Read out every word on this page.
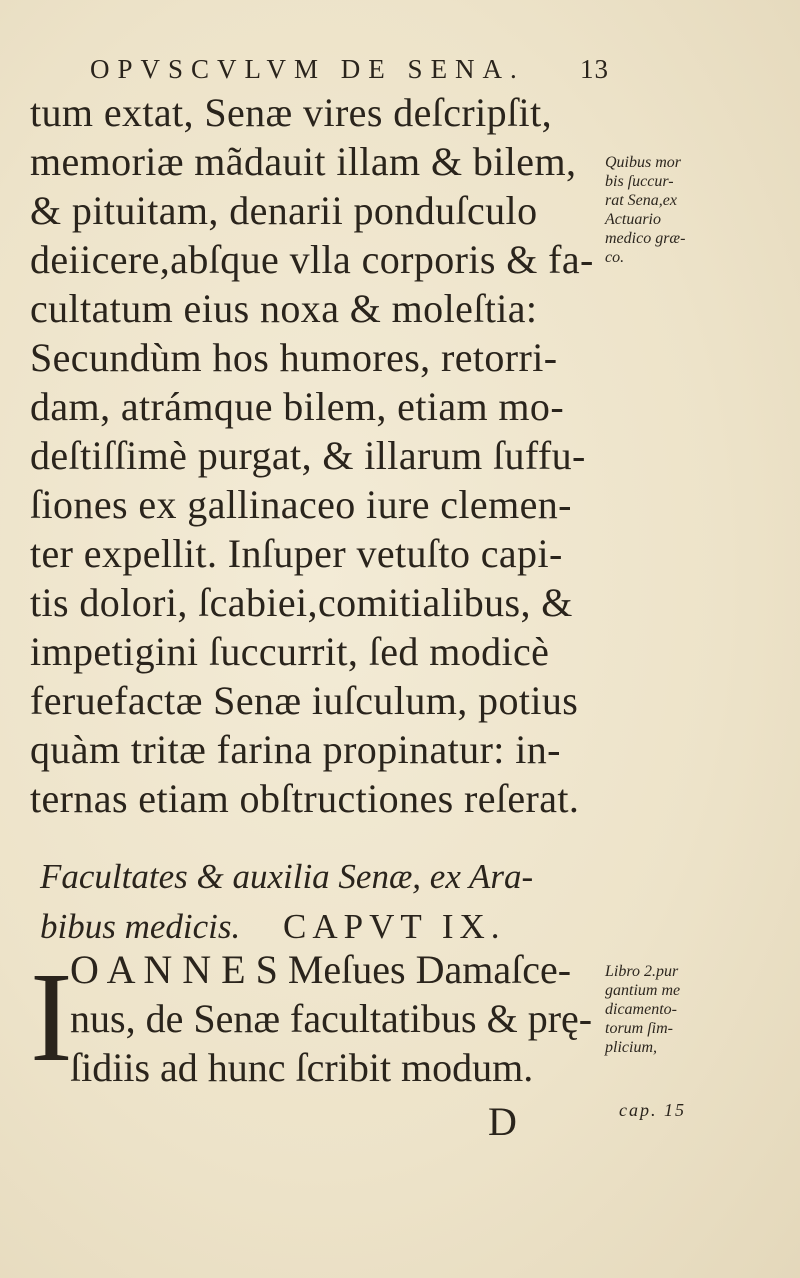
OPVSCVLVM DE SENA. 13
tum extat, Senæ vires deſcripſit,
memoriæ mãdauit illam & bilem,
& pituitam, denarii ponduſculo
deiicere,abſque vlla corporis & fa-
cultatum eius noxa & moleſtia:
Secundùm hos humores, retorri-
dam, atrámque bilem, etiam mo-
deſtiſſimè purgat, & illarum ſuffu-
ſiones ex gallinaceo iure clemen-
ter expellit. Inſuper vetuſto capi-
tis dolori, ſcabiei,comitialibus, &
impetigini ſuccurrit, ſed modicè
feruefactæ Senæ iuſculum, potius
quàm tritæ farina propinatur: in-
ternas etiam obſtructiones reſerat.
Quibus mor
bis ſuccur-
rat Sena,ex
Actuario
medico græ-
co.
Facultates & auxilia Senæ, ex Ara-
bibus medicis. CAPVT IX.
I
O A N N E S Meſues Damaſce-
nus, de Senæ facultatibus & prę-
ſidiis ad hunc ſcribit modum.
Libro 2.pur
gantium me
dicamento-
torum ſim-
plicium,
D	cap. 15
